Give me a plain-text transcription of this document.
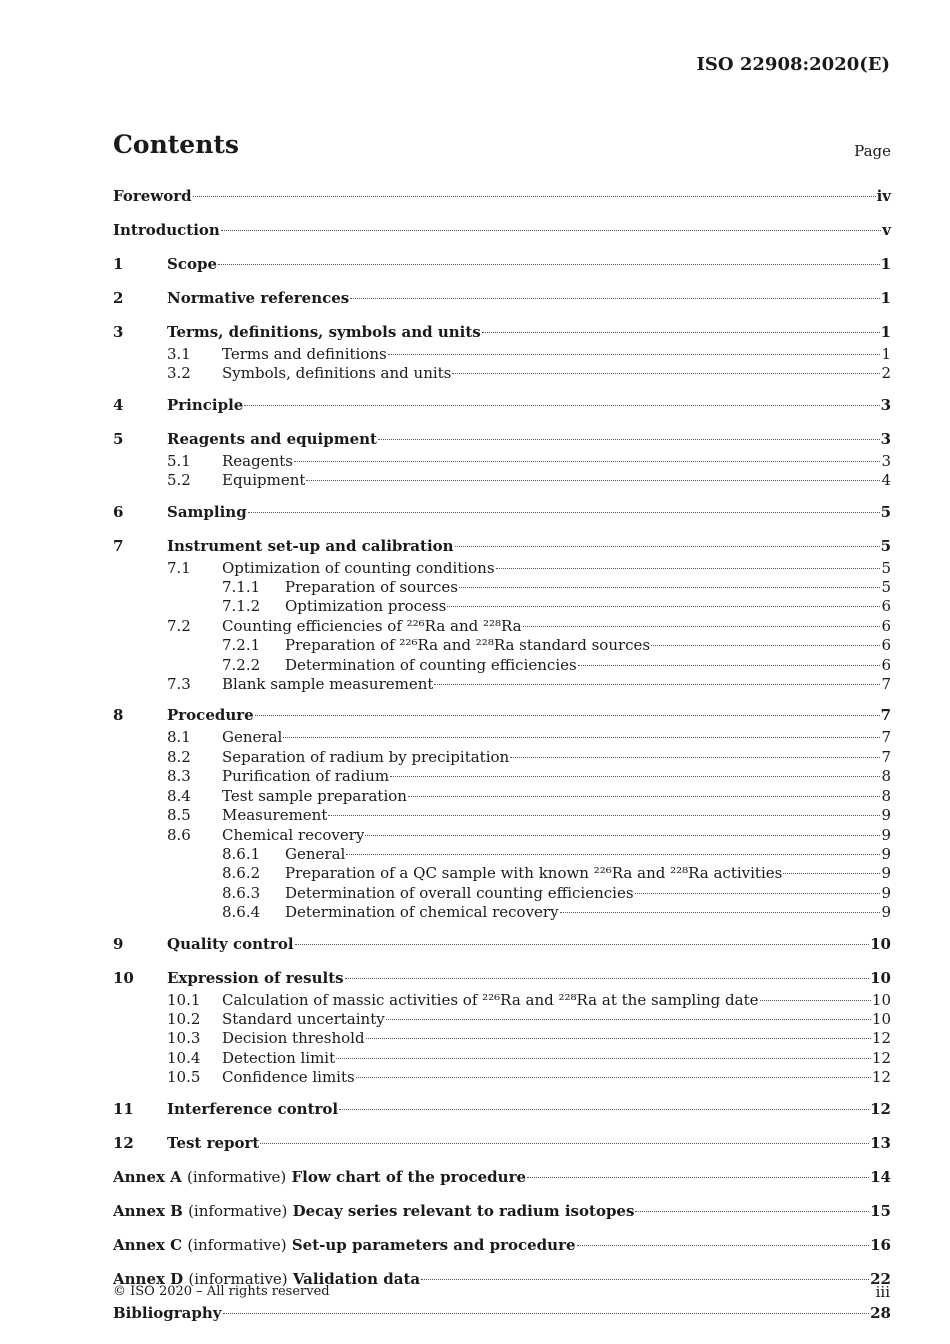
ISO 22908:2020(E)
Contents	Page
Foreword	iv
Introduction	v
1	Scope	1
2	Normative references	1
3	Terms, definitions, symbols and units	1
3.1	Terms and definitions	1
3.2	Symbols, definitions and units	2
4	Principle	3
5	Reagents and equipment	3
5.1	Reagents	3
5.2	Equipment	4
6	Sampling	5
7	Instrument set-up and calibration	5
7.1	Optimization of counting conditions	5
7.1.1	Preparation of sources	5
7.1.2	Optimization process	6
7.2	Counting efficiencies of ²²⁶Ra and ²²⁸Ra	6
7.2.1	Preparation of ²²⁶Ra and ²²⁸Ra standard sources	6
7.2.2	Determination of counting efficiencies	6
7.3	Blank sample measurement	7
8	Procedure	7
8.1	General	7
8.2	Separation of radium by precipitation	7
8.3	Purification of radium	8
8.4	Test sample preparation	8
8.5	Measurement	9
8.6	Chemical recovery	9
8.6.1	General	9
8.6.2	Preparation of a QC sample with known ²²⁶Ra and ²²⁸Ra activities	9
8.6.3	Determination of overall counting efficiencies	9
8.6.4	Determination of chemical recovery	9
9	Quality control	10
10	Expression of results	10
10.1	Calculation of massic activities of ²²⁶Ra and ²²⁸Ra at the sampling date	10
10.2	Standard uncertainty	10
10.3	Decision threshold	12
10.4	Detection limit	12
10.5	Confidence limits	12
11	Interference control	12
12	Test report	13
Annex A (informative) Flow chart of the procedure	14
Annex B (informative) Decay series relevant to radium isotopes	15
Annex C (informative) Set-up parameters and procedure	16
Annex D (informative) Validation data	22
Bibliography	28
© ISO 2020 – All rights reserved	iii
